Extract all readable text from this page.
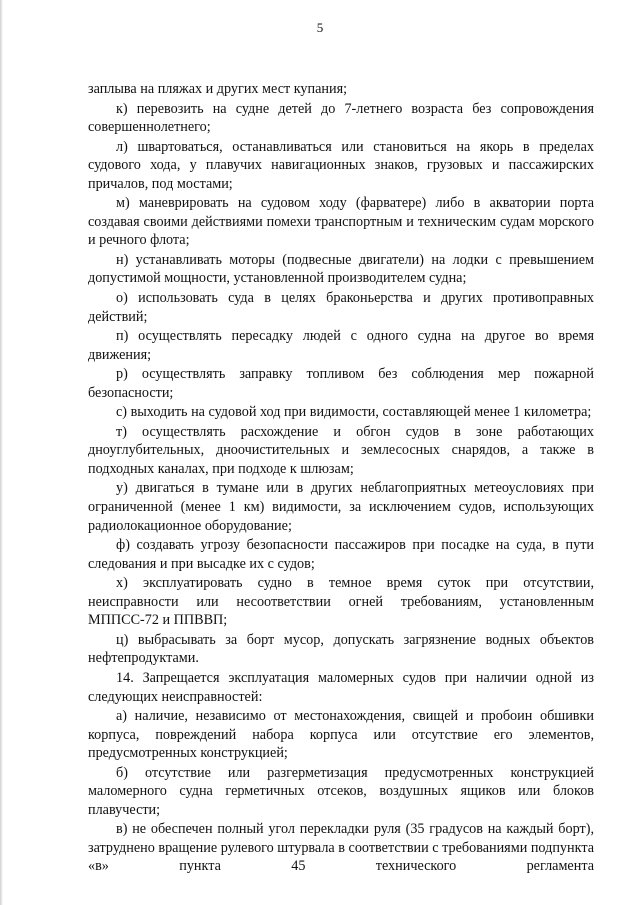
5

заплыва на пляжах и других мест купания;

к) перевозить на судне детей до 7-летнего возраста без сопровождения совершеннолетнего;

л) швартоваться, останавливаться или становиться на якорь в пределах судового хода, у плавучих навигационных знаков, грузовых и пассажирских причалов, под мостами;

м) маневрировать на судовом ходу (фарватере) либо в акватории порта создавая своими действиями помехи транспортным и техническим судам морского и речного флота;

н) устанавливать моторы (подвесные двигатели) на лодки с превышением допустимой мощности, установленной производителем судна;

о) использовать суда в целях браконьерства и других противоправных действий;

п) осуществлять пересадку людей с одного судна на другое во время движения;

р) осуществлять заправку топливом без соблюдения мер пожарной безопасности;

с) выходить на судовой ход при видимости, составляющей менее 1 километра;

т) осуществлять расхождение и обгон судов в зоне работающих дноуглубительных, дноочистительных и землесосных снарядов, а также в подходных каналах, при подходе к шлюзам;

у) двигаться в тумане или в других неблагоприятных метеоусловиях при ограниченной (менее 1 км) видимости, за исключением судов, использующих радиолокационное оборудование;

ф) создавать угрозу безопасности пассажиров при посадке на суда, в пути следования и при высадке их с судов;

х) эксплуатировать судно в темное время суток при отсутствии, неисправности или несоответствии огней требованиям, установленным МППСС-72 и ППВВП;

ц) выбрасывать за борт мусор, допускать загрязнение водных объектов нефтепродуктами.

14. Запрещается эксплуатация маломерных судов при наличии одной из следующих неисправностей:

а) наличие, независимо от местонахождения, свищей и пробоин обшивки корпуса, повреждений набора корпуса или отсутствие его элементов, предусмотренных конструкцией;

б) отсутствие или разгерметизация предусмотренных конструкцией маломерного судна герметичных отсеков, воздушных ящиков или блоков плавучести;

в) не обеспечен полный угол перекладки руля (35 градусов на каждый борт), затруднено вращение рулевого штурвала в соответствии с требованиями подпункта «в» пункта 45 технического регламента
